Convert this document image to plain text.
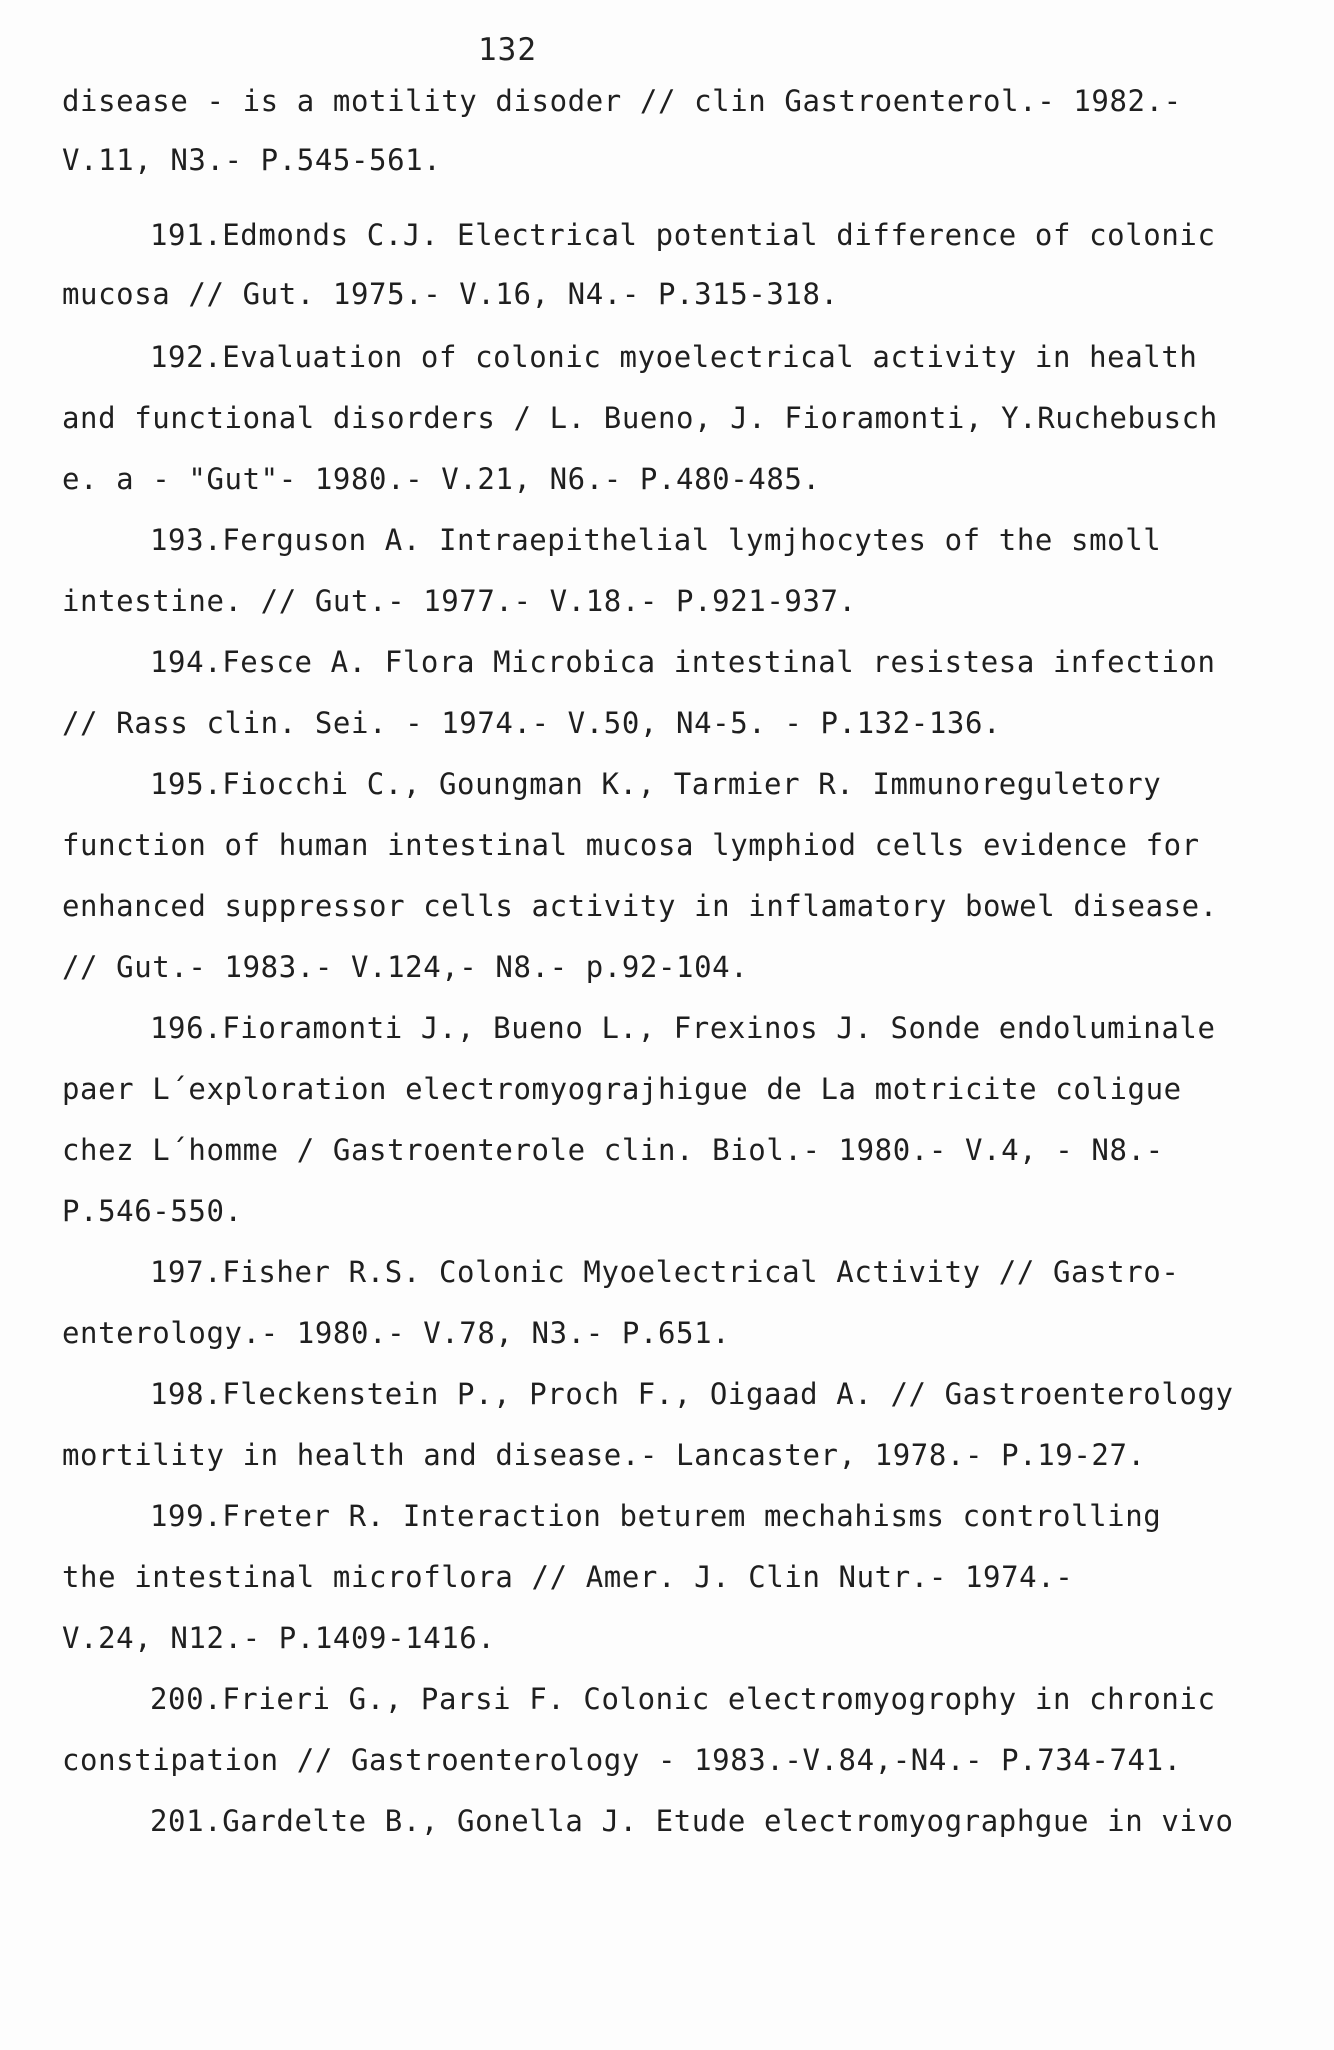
132
disease - is a motility disoder // clin Gastroenterol.- 1982.-
V.11, N3.- P.545-561.
191.Edmonds C.J. Electrical potential difference of colonic
mucosa // Gut. 1975.- V.16, N4.- P.315-318.
192.Evaluation of colonic myoelectrical activity in health
and functional disorders / L. Bueno, J. Fioramonti, Y.Ruchebusch
e. a - "Gut"- 1980.- V.21, N6.- P.480-485.
193.Ferguson A. Intraepithelial lymjhocytes of the smoll
intestine. // Gut.- 1977.- V.18.- P.921-937.
194.Fesce A. Flora Microbica intestinal resistesa infection
// Rass clin. Sei. - 1974.- V.50, N4-5. - P.132-136.
195.Fiocchi C., Goungman K., Tarmier R. Immunoreguletory
function of human intestinal mucosa lymphiod cells evidence for
enhanced suppressor cells activity in inflamatory bowel disease.
// Gut.- 1983.- V.124,- N8.- p.92-104.
196.Fioramonti J., Bueno L., Frexinos J. Sonde endoluminale
paer L´exploration electromyograjhigue de La motricite coligue
chez L´homme / Gastroenterole clin. Biol.- 1980.- V.4, - N8.-
P.546-550.
197.Fisher R.S. Colonic Myoelectrical Activity // Gastro-
enterology.- 1980.- V.78, N3.- P.651.
198.Fleckenstein P., Proch F., Oigaad A. // Gastroenterology
mortility in health and disease.- Lancaster, 1978.- P.19-27.
199.Freter R. Interaction beturem mechahisms controlling
the intestinal microflora // Amer. J. Clin Nutr.- 1974.-
V.24, N12.- P.1409-1416.
200.Frieri G., Parsi F. Colonic electromyogrophy in chronic
constipation // Gastroenterology - 1983.-V.84,-N4.- P.734-741.
201.Gardelte B., Gonella J. Etude electromyographgue in vivo
